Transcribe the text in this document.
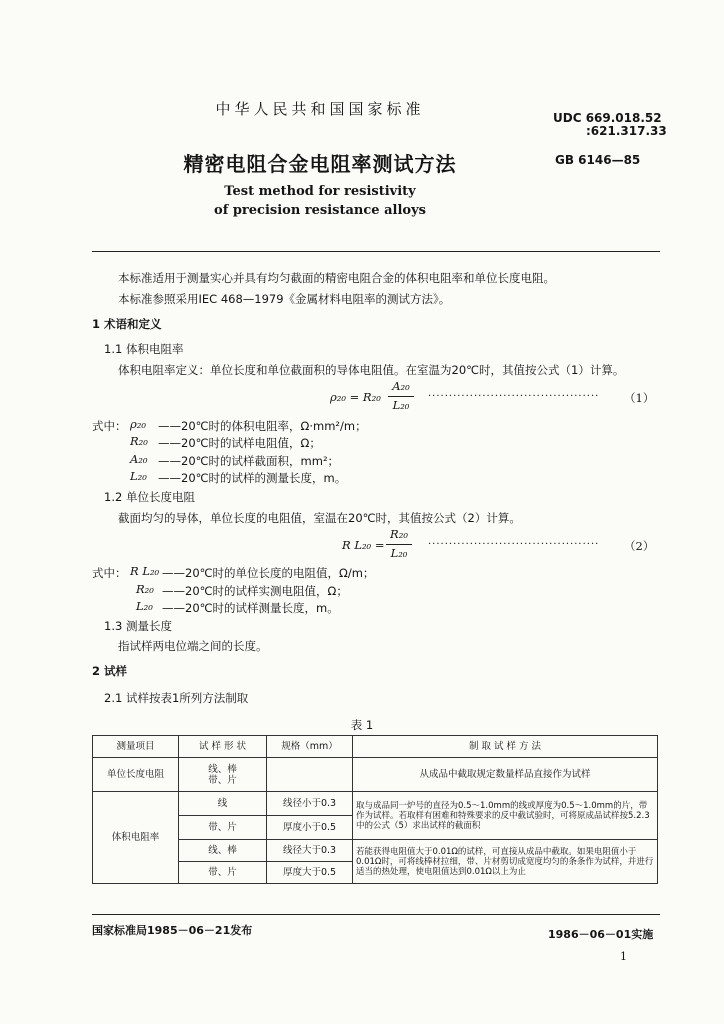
中华人民共和国国家标准	UDC 669.018.52
:621.317.33
精密电阻合金电阻率测试方法	GB 6146—85
Test method for resistivity
of precision resistance alloys
本标准适用于测量实心并具有均匀截面的精密电阻合金的体积电阻率和单位长度电阻。
本标准参照采用IEC 468—1979《金属材料电阻率的测试方法》。
1 术语和定义
1.1 体积电阻率
体积电阻率定义：单位长度和单位截面积的导体电阻值。在室温为20℃时，其值按公式（1）计算。
ρ₂₀ = R₂₀
A₂₀
L₂₀
········································· （1）
式中： ρ₂₀ ——20℃时的体积电阻率，Ω·mm²/m；
R₂₀ ——20℃时的试样电阻值，Ω；
A₂₀ ——20℃时的试样截面积，mm²；
L₂₀ ——20℃时的试样的测量长度，m。
1.2 单位长度电阻
截面均匀的导体，单位长度的电阻值，室温在20℃时，其值按公式（2）计算。
R L₂₀ =
R₂₀
L₂₀
········································· （2）
式中： R L₂₀ ——20℃时的单位长度的电阻值，Ω/m；
R₂₀ ——20℃时的试样实测电阻值，Ω；
L₂₀ ——20℃时的试样测量长度，m。
1.3 测量长度
指试样两电位端之间的长度。
2 试样
2.1 试样按表1所列方法制取
表 1
测量项目	试 样 形 状	规格（mm）	制 取 试 样 方 法
单位长度电阻	线、棒
带、片		从成品中截取规定数量样品直接作为试样
体积电阻率	线	线径小于0.3	取与成品同一炉号的直径为0.5～1.0mm的线或厚度为0.5～1.0mm的片，带作为试样。若取样有困难和特殊要求的反中截试验时，可将原成品试样按5.2.3中的公式（5）求出试样的截面积
	带、片	厚度小于0.5	
	线、棒	线径大于0.3	若能获得电阻值大于0.01Ω的试样，可直接从成品中截取。如果电阻值小于0.01Ω时，可将线棒材拉细，带、片材剪切成宽度均匀的条条作为试样，并进行适当的热处理，使电阻值达到0.01Ω以上为止
	带、片	厚度大于0.5	
国家标准局1985－06－21发布	1986－06－01实施
1
